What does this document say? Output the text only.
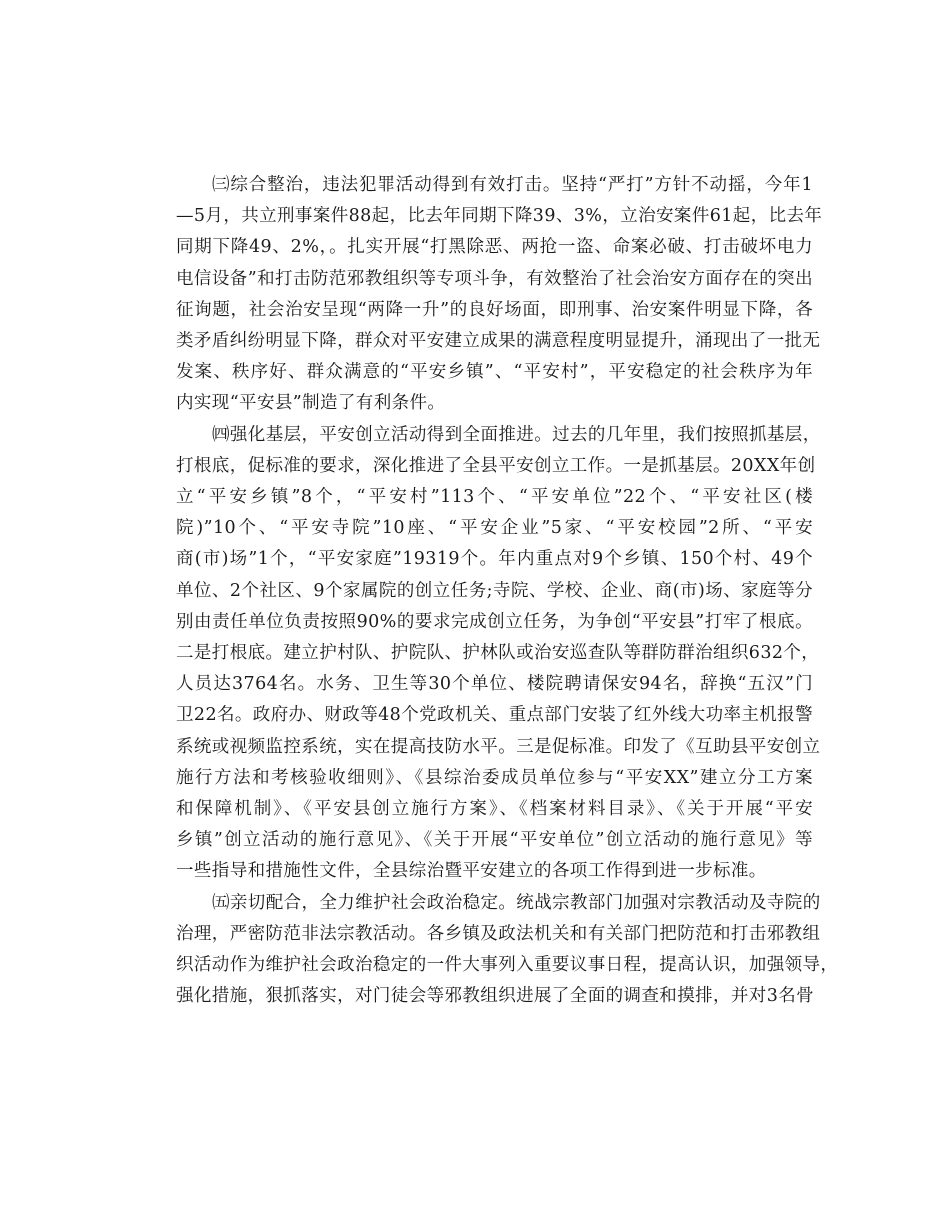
㈢综合整治，违法犯罪活动得到有效打击。坚持“严打”方针不动摇，今年1
—5月，共立刑事案件88起，比去年同期下降39、3%，立治安案件61起，比去年
同期下降49、2%，。扎实开展“打黑除恶、两抢一盗、命案必破、打击破坏电力
电信设备”和打击防范邪教组织等专项斗争，有效整治了社会治安方面存在的突出
征询题，社会治安呈现“两降一升”的良好场面，即刑事、治安案件明显下降，各
类矛盾纠纷明显下降，群众对平安建立成果的满意程度明显提升，涌现出了一批无
发案、秩序好、群众满意的“平安乡镇”、“平安村”，平安稳定的社会秩序为年
内实现“平安县”制造了有利条件。
㈣强化基层，平安创立活动得到全面推进。过去的几年里，我们按照抓基层，
打根底，促标准的要求，深化推进了全县平安创立工作。一是抓基层。20XX年创
立“平安乡镇”8个，“平安村”113个、“平安单位”22个、“平安社区(楼
院)”10个、“平安寺院”10座、“平安企业”5家、“平安校园”2所、“平安
商(市)场”1个，“平安家庭”19319个。年内重点对9个乡镇、150个村、49个
单位、2个社区、9个家属院的创立任务;寺院、学校、企业、商(市)场、家庭等分
别由责任单位负责按照90%的要求完成创立任务，为争创“平安县”打牢了根底。
二是打根底。建立护村队、护院队、护林队或治安巡查队等群防群治组织632个，
人员达3764名。水务、卫生等30个单位、楼院聘请保安94名，辞换“五汉”门
卫22名。政府办、财政等48个党政机关、重点部门安装了红外线大功率主机报警
系统或视频监控系统，实在提高技防水平。三是促标准。印发了《互助县平安创立
施行方法和考核验收细则》、《县综治委成员单位参与“平安XX”建立分工方案
和保障机制》、《平安县创立施行方案》、《档案材料目录》、《关于开展“平安
乡镇”创立活动的施行意见》、《关于开展“平安单位”创立活动的施行意见》等
一些指导和措施性文件，全县综治暨平安建立的各项工作得到进一步标准。
㈤亲切配合，全力维护社会政治稳定。统战宗教部门加强对宗教活动及寺院的
治理，严密防范非法宗教活动。各乡镇及政法机关和有关部门把防范和打击邪教组
织活动作为维护社会政治稳定的一件大事列入重要议事日程，提高认识，加强领导，
强化措施，狠抓落实，对门徒会等邪教组织进展了全面的调查和摸排，并对3名骨
